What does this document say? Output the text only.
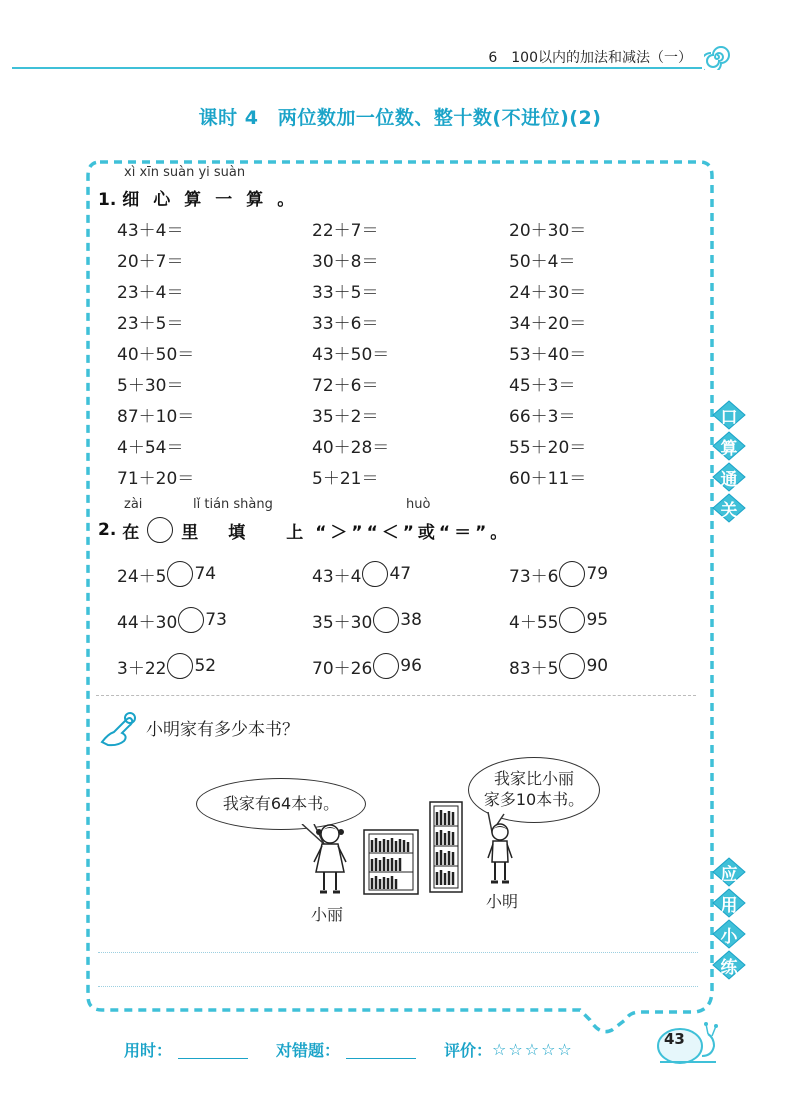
6　100以内的加法和减法（一）
课时 4　两位数加一位数、整十数(不进位)(2)
xì xīn suàn yi suàn
1. 细心算一算。
43＋4＝	22＋7＝	20＋30＝
20＋7＝	30＋8＝	50＋4＝
23＋4＝	33＋5＝	24＋30＝
23＋5＝	33＋6＝	34＋20＝
40＋50＝	43＋50＝	53＋40＝
5＋30＝	72＋6＝	45＋3＝
87＋10＝	35＋2＝	66＋3＝
4＋54＝	40＋28＝	55＋20＝
71＋20＝	5＋21＝	60＋11＝
zài	lǐ tián shàng	huò
2. 在 里 填　上 “＞”“＜”或“＝”。
24＋5 74	43＋4 47	73＋6 79
44＋30 73	35＋30 38	4＋55 95
3＋22 52	70＋26 96	83＋5 90
小明家有多少本书？
我家有64本书。
我家比小丽
家多10本书。
小丽
小明
口
算
通
关
应
用
小
练
用时：	对错题：	评价： ☆☆☆☆☆
43
